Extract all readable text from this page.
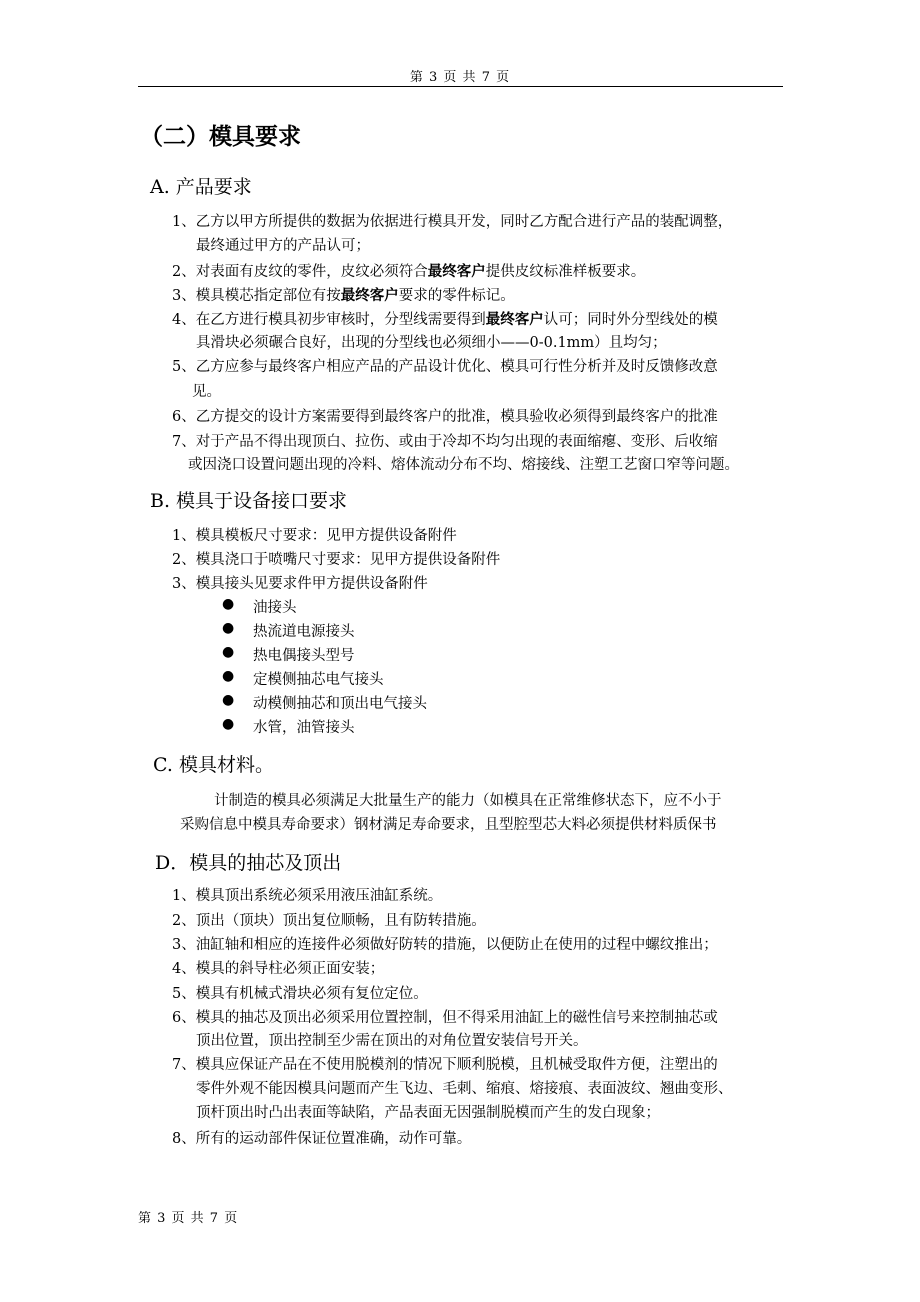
第 3 页 共 7 页
（二）模具要求
A. 产品要求
1、乙方以甲方所提供的数据为依据进行模具开发，同时乙方配合进行产品的装配调整，
最终通过甲方的产品认可；
2、对表面有皮纹的零件，皮纹必须符合最终客户提供皮纹标准样板要求。
3、模具模芯指定部位有按最终客户要求的零件标记。
4、在乙方进行模具初步审核时，分型线需要得到最终客户认可；同时外分型线处的模
具滑块必须碾合良好，出现的分型线也必须细小——0-0.1mm）且均匀；
5、乙方应参与最终客户相应产品的产品设计优化、模具可行性分析并及时反馈修改意
见。
6、乙方提交的设计方案需要得到最终客户的批准，模具验收必须得到最终客户的批准
7、对于产品不得出现顶白、拉伤、或由于冷却不均匀出现的表面缩瘪、变形、后收缩
或因浇口设置问题出现的冷料、熔体流动分布不均、熔接线、注塑工艺窗口窄等问题。
B. 模具于设备接口要求
1、模具模板尺寸要求：见甲方提供设备附件
2、模具浇口于喷嘴尺寸要求：见甲方提供设备附件
3、模具接头见要求件甲方提供设备附件
● 油接头
● 热流道电源接头
● 热电偶接头型号
● 定模侧抽芯电气接头
● 动模侧抽芯和顶出电气接头
● 水管，油管接头
C. 模具材料。
计制造的模具必须满足大批量生产的能力（如模具在正常维修状态下，应不小于
采购信息中模具寿命要求）钢材满足寿命要求，且型腔型芯大料必须提供材料质保书
D．模具的抽芯及顶出
1、模具顶出系统必须采用液压油缸系统。
2、顶出（顶块）顶出复位顺畅，且有防转措施。
3、油缸轴和相应的连接件必须做好防转的措施，以便防止在使用的过程中螺纹推出；
4、模具的斜导柱必须正面安装；
5、模具有机械式滑块必须有复位定位。
6、模具的抽芯及顶出必须采用位置控制，但不得采用油缸上的磁性信号来控制抽芯或
顶出位置，顶出控制至少需在顶出的对角位置安装信号开关。
7、模具应保证产品在不使用脱模剂的情况下顺利脱模，且机械受取件方便，注塑出的
零件外观不能因模具问题而产生飞边、毛刺、缩痕、熔接痕、表面波纹、翘曲变形、
顶杆顶出时凸出表面等缺陷，产品表面无因强制脱模而产生的发白现象；
8、所有的运动部件保证位置准确，动作可靠。
第 3 页 共 7 页
